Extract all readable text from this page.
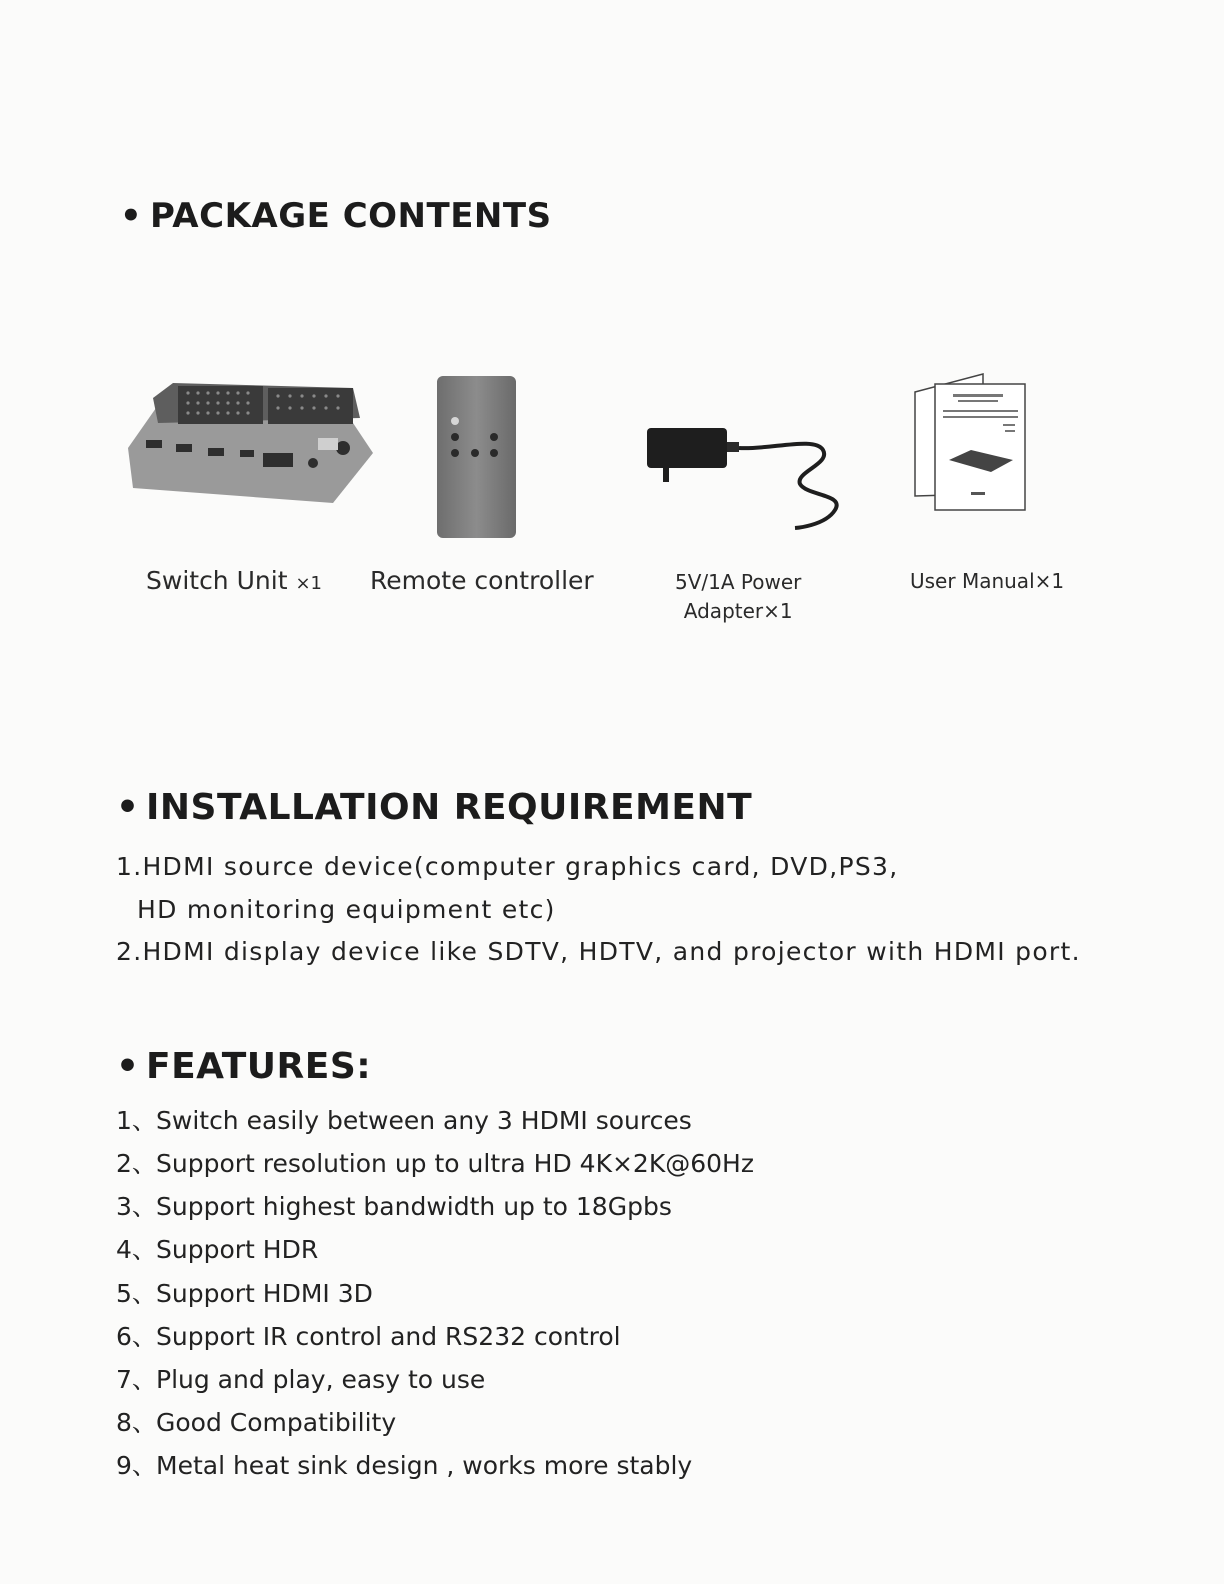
• PACKAGE CONTENTS
Switch Unit ×1 Remote controller	5V/1A Power
Adapter×1
User Manual×1
• INSTALLATION REQUIREMENT
1.HDMI source device(computer graphics card, DVD,PS3,
HD monitoring equipment etc)
2.HDMI display device like SDTV, HDTV, and projector with HDMI port.
• FEATURES:
1、Switch easily between any 3 HDMI sources
2、Support resolution up to ultra HD 4K×2K@60Hz
3、Support highest bandwidth up to 18Gpbs
4、Support HDR
5、Support HDMI 3D
6、Support IR control and RS232 control
7、Plug and play, easy to use
8、Good Compatibility
9、Metal heat sink design , works more stably
